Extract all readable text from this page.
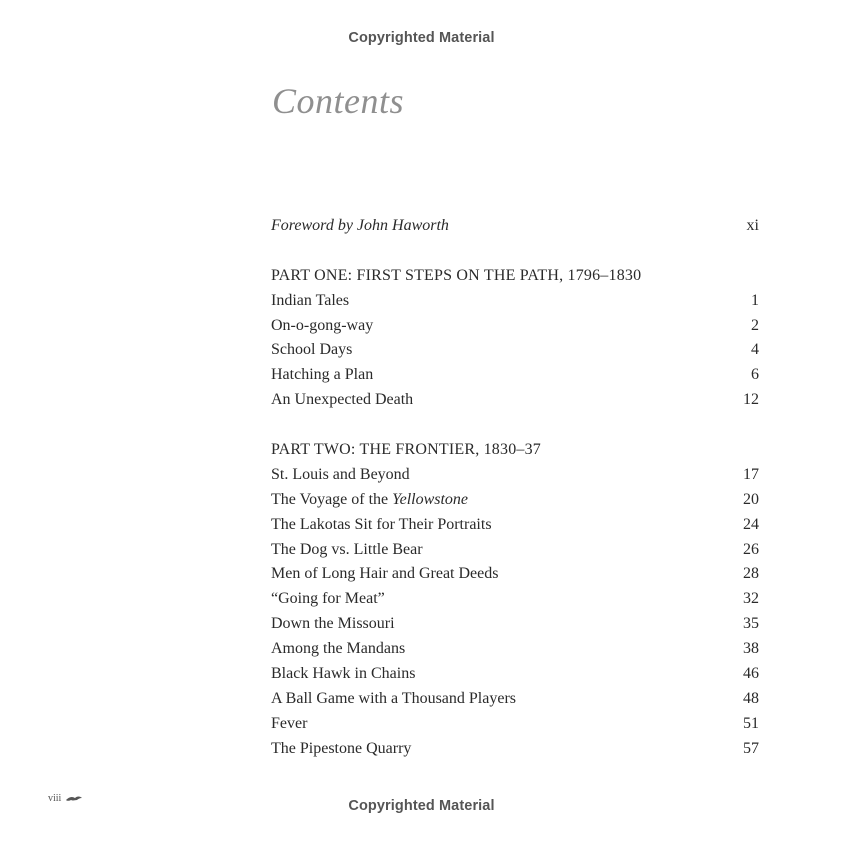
Copyrighted Material
Contents
Foreword by John Haworth	xi
PART ONE: FIRST STEPS ON THE PATH, 1796–1830
Indian Tales	1
On-o-gong-way	2
School Days	4
Hatching a Plan	6
An Unexpected Death	12
PART TWO: THE FRONTIER, 1830–37
St. Louis and Beyond	17
The Voyage of the Yellowstone	20
The Lakotas Sit for Their Portraits	24
The Dog vs. Little Bear	26
Men of Long Hair and Great Deeds	28
“Going for Meat”	32
Down the Missouri	35
Among the Mandans	38
Black Hawk in Chains	46
A Ball Game with a Thousand Players	48
Fever	51
The Pipestone Quarry	57
viii	Copyrighted Material
